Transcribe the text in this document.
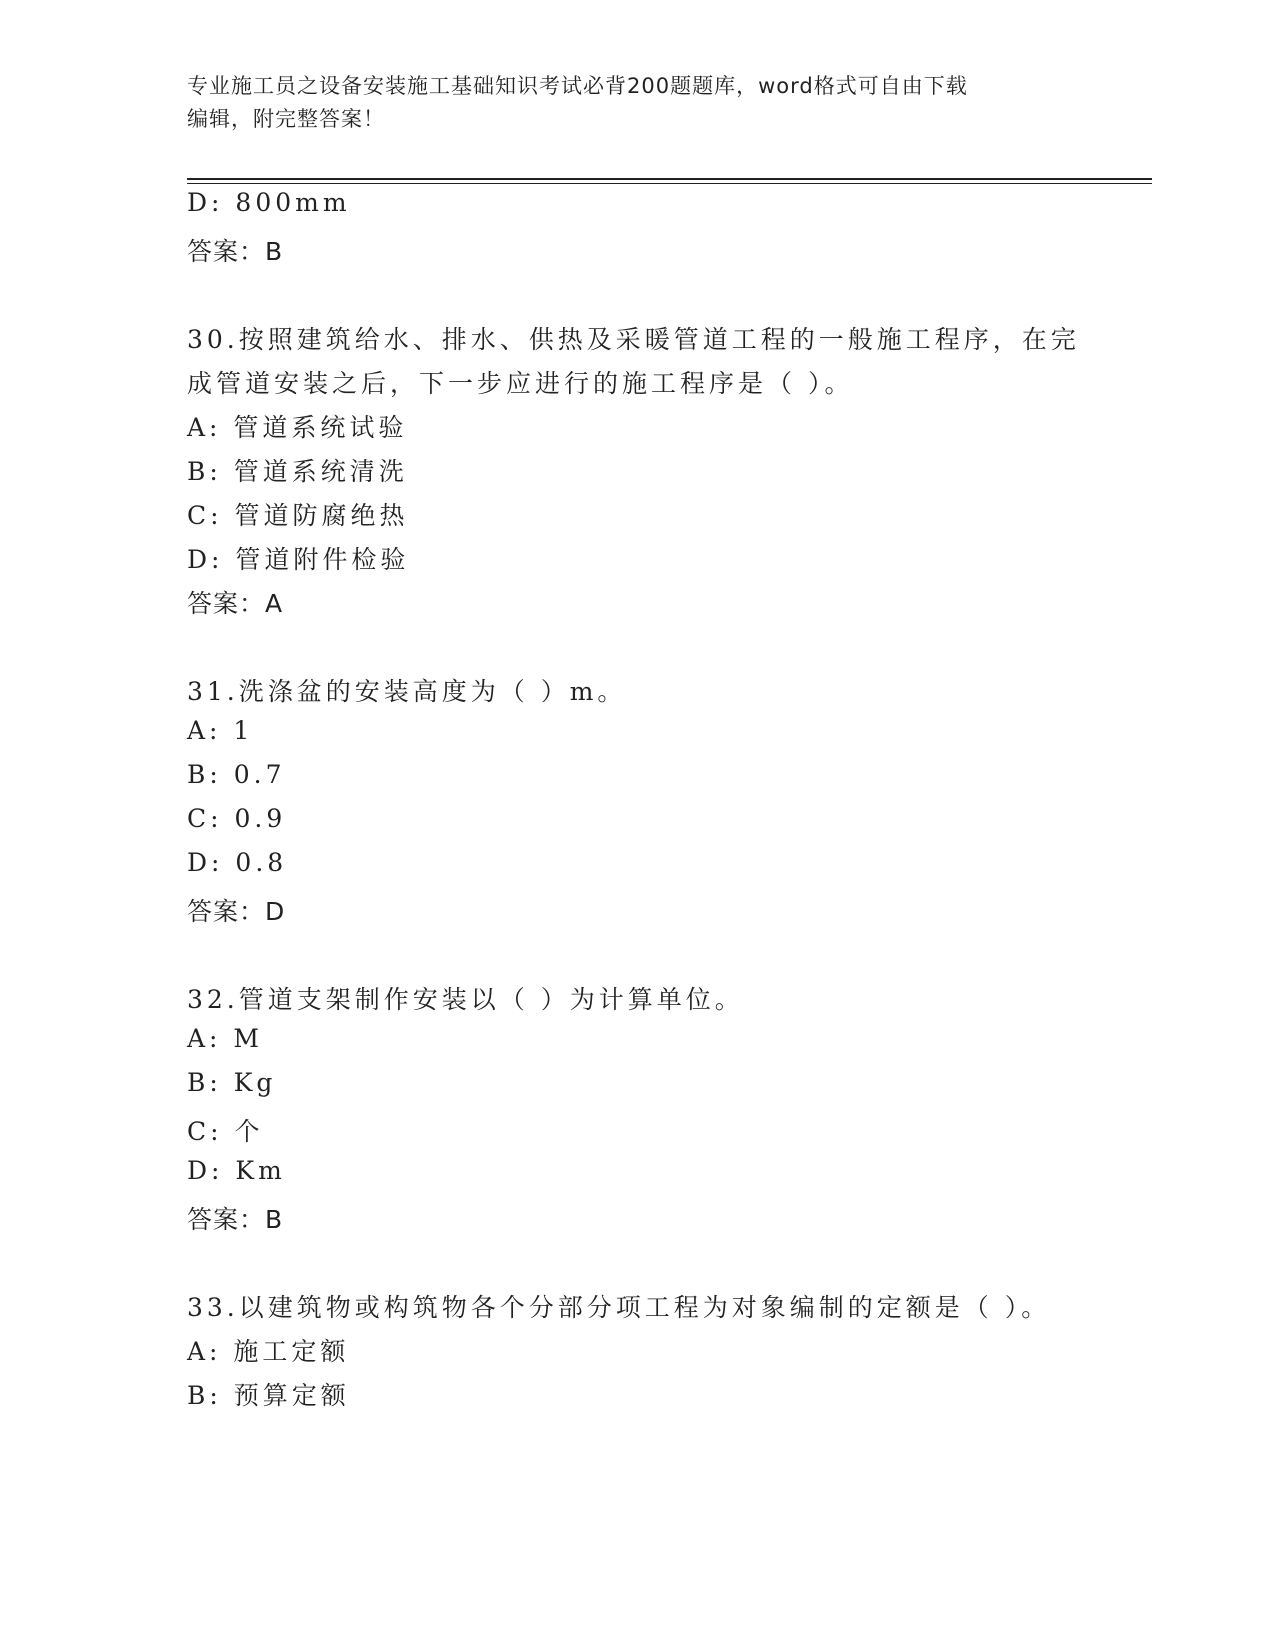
专业施工员之设备安装施工基础知识考试必背200题题库，word格式可自由下载
编辑，附完整答案！
D: 800mm
答案：B
30.按照建筑给水、排水、供热及采暖管道工程的一般施工程序，在完
成管道安装之后，下一步应进行的施工程序是（ ）。
A: 管道系统试验
B: 管道系统清洗
C: 管道防腐绝热
D: 管道附件检验
答案：A
31.洗涤盆的安装高度为（ ）m。
A: 1
B: 0.7
C: 0.9
D: 0.8
答案：D
32.管道支架制作安装以（ ）为计算单位。
A: M
B: Kg
C: 个
D: Km
答案：B
33.以建筑物或构筑物各个分部分项工程为对象编制的定额是（ ）。
A: 施工定额
B: 预算定额
